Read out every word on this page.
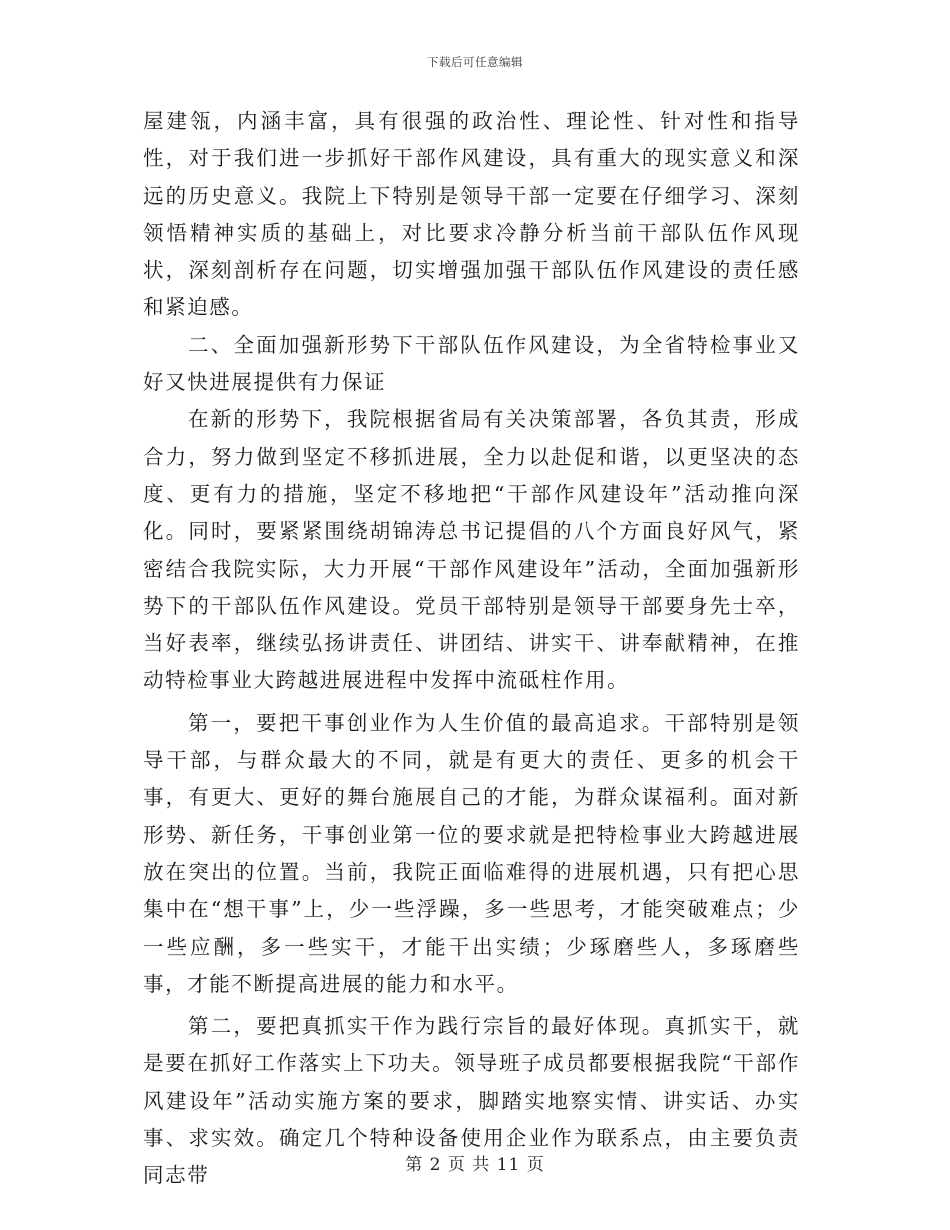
下载后可任意编辑

屋建瓴，内涵丰富，具有很强的政治性、理论性、针对性和指导性，对于我们进一步抓好干部作风建设，具有重大的现实意义和深远的历史意义。我院上下特别是领导干部一定要在仔细学习、深刻领悟精神实质的基础上，对比要求冷静分析当前干部队伍作风现状，深刻剖析存在问题，切实增强加强干部队伍作风建设的责任感和紧迫感。

二、全面加强新形势下干部队伍作风建设，为全省特检事业又好又快进展提供有力保证

在新的形势下，我院根据省局有关决策部署，各负其责，形成合力，努力做到坚定不移抓进展，全力以赴促和谐，以更坚决的态度、更有力的措施，坚定不移地把“干部作风建设年”活动推向深化。同时，要紧紧围绕胡锦涛总书记提倡的八个方面良好风气，紧密结合我院实际，大力开展“干部作风建设年”活动，全面加强新形势下的干部队伍作风建设。党员干部特别是领导干部要身先士卒，当好表率，继续弘扬讲责任、讲团结、讲实干、讲奉献精神，在推动特检事业大跨越进展进程中发挥中流砥柱作用。

第一，要把干事创业作为人生价值的最高追求。干部特别是领导干部，与群众最大的不同，就是有更大的责任、更多的机会干事，有更大、更好的舞台施展自己的才能，为群众谋福利。面对新形势、新任务，干事创业第一位的要求就是把特检事业大跨越进展放在突出的位置。当前，我院正面临难得的进展机遇，只有把心思集中在“想干事”上，少一些浮躁，多一些思考，才能突破难点；少一些应酬，多一些实干，才能干出实绩；少琢磨些人，多琢磨些事，才能不断提高进展的能力和水平。

第二，要把真抓实干作为践行宗旨的最好体现。真抓实干，就是要在抓好工作落实上下功夫。领导班子成员都要根据我院“干部作风建设年”活动实施方案的要求，脚踏实地察实情、讲实话、办实事、求实效。确定几个特种设备使用企业作为联系点，由主要负责同志带	第 2 页 共 11 页
